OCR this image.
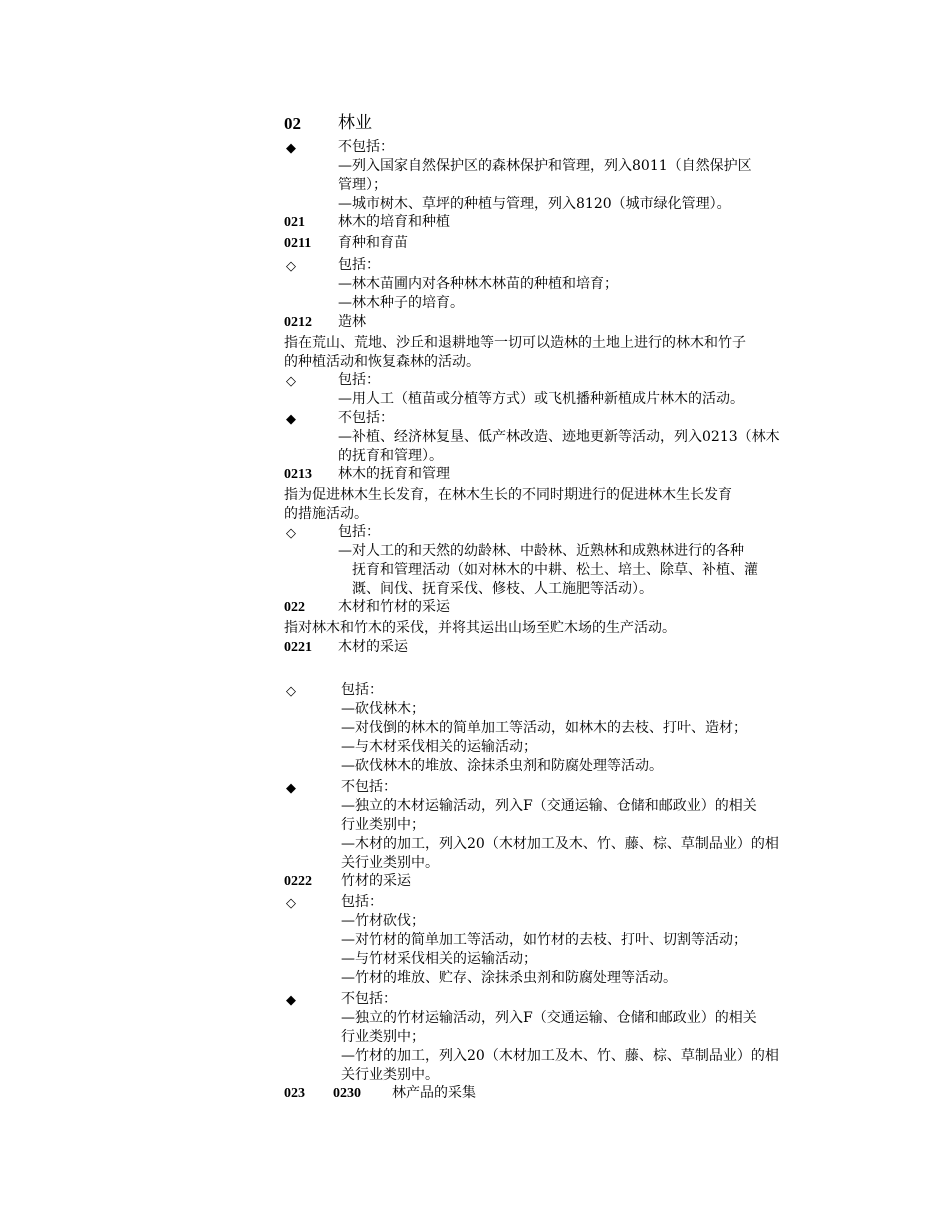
02 林业
◆	不包括：
—列入国家自然保护区的森林保护和管理，列入8011（自然保护区
管理）；
—城市树木、草坪的种植与管理，列入8120（城市绿化管理）。
021 林木的培育和种植
0211 育种和育苗
◇	包括：
—林木苗圃内对各种林木林苗的种植和培育；
—林木种子的培育。
0212 造林
指在荒山、荒地、沙丘和退耕地等一切可以造林的土地上进行的林木和竹子
的种植活动和恢复森林的活动。
◇	包括：
—用人工（植苗或分植等方式）或飞机播种新植成片林木的活动。
◆	不包括：
—补植、经济林复垦、低产林改造、迹地更新等活动，列入0213（林木
的抚育和管理）。
0213 林木的抚育和管理
指为促进林木生长发育，在林木生长的不同时期进行的促进林木生长发育
的措施活动。
◇	包括：
—对人工的和天然的幼龄林、中龄林、近熟林和成熟林进行的各种
抚育和管理活动（如对林木的中耕、松土、培土、除草、补植、灌
溉、间伐、抚育采伐、修枝、人工施肥等活动）。
022 木材和竹材的采运
指对林木和竹木的采伐，并将其运出山场至贮木场的生产活动。
0221 木材的采运
◇	包括：
—砍伐林木；
—对伐倒的林木的简单加工等活动，如林木的去枝、打叶、造材；
—与木材采伐相关的运输活动；
—砍伐林木的堆放、涂抹杀虫剂和防腐处理等活动。
◆	不包括：
—独立的木材运输活动，列入F（交通运输、仓储和邮政业）的相关
行业类别中；
—木材的加工，列入20（木材加工及木、竹、藤、棕、草制品业）的相
关行业类别中。
0222 竹材的采运
◇	包括：
—竹材砍伐；
—对竹材的简单加工等活动，如竹材的去枝、打叶、切割等活动；
—与竹材采伐相关的运输活动；
—竹材的堆放、贮存、涂抹杀虫剂和防腐处理等活动。
◆	不包括：
—独立的竹材运输活动，列入F（交通运输、仓储和邮政业）的相关
行业类别中；
—竹材的加工，列入20（木材加工及木、竹、藤、棕、草制品业）的相
关行业类别中。
023 0230 林产品的采集
